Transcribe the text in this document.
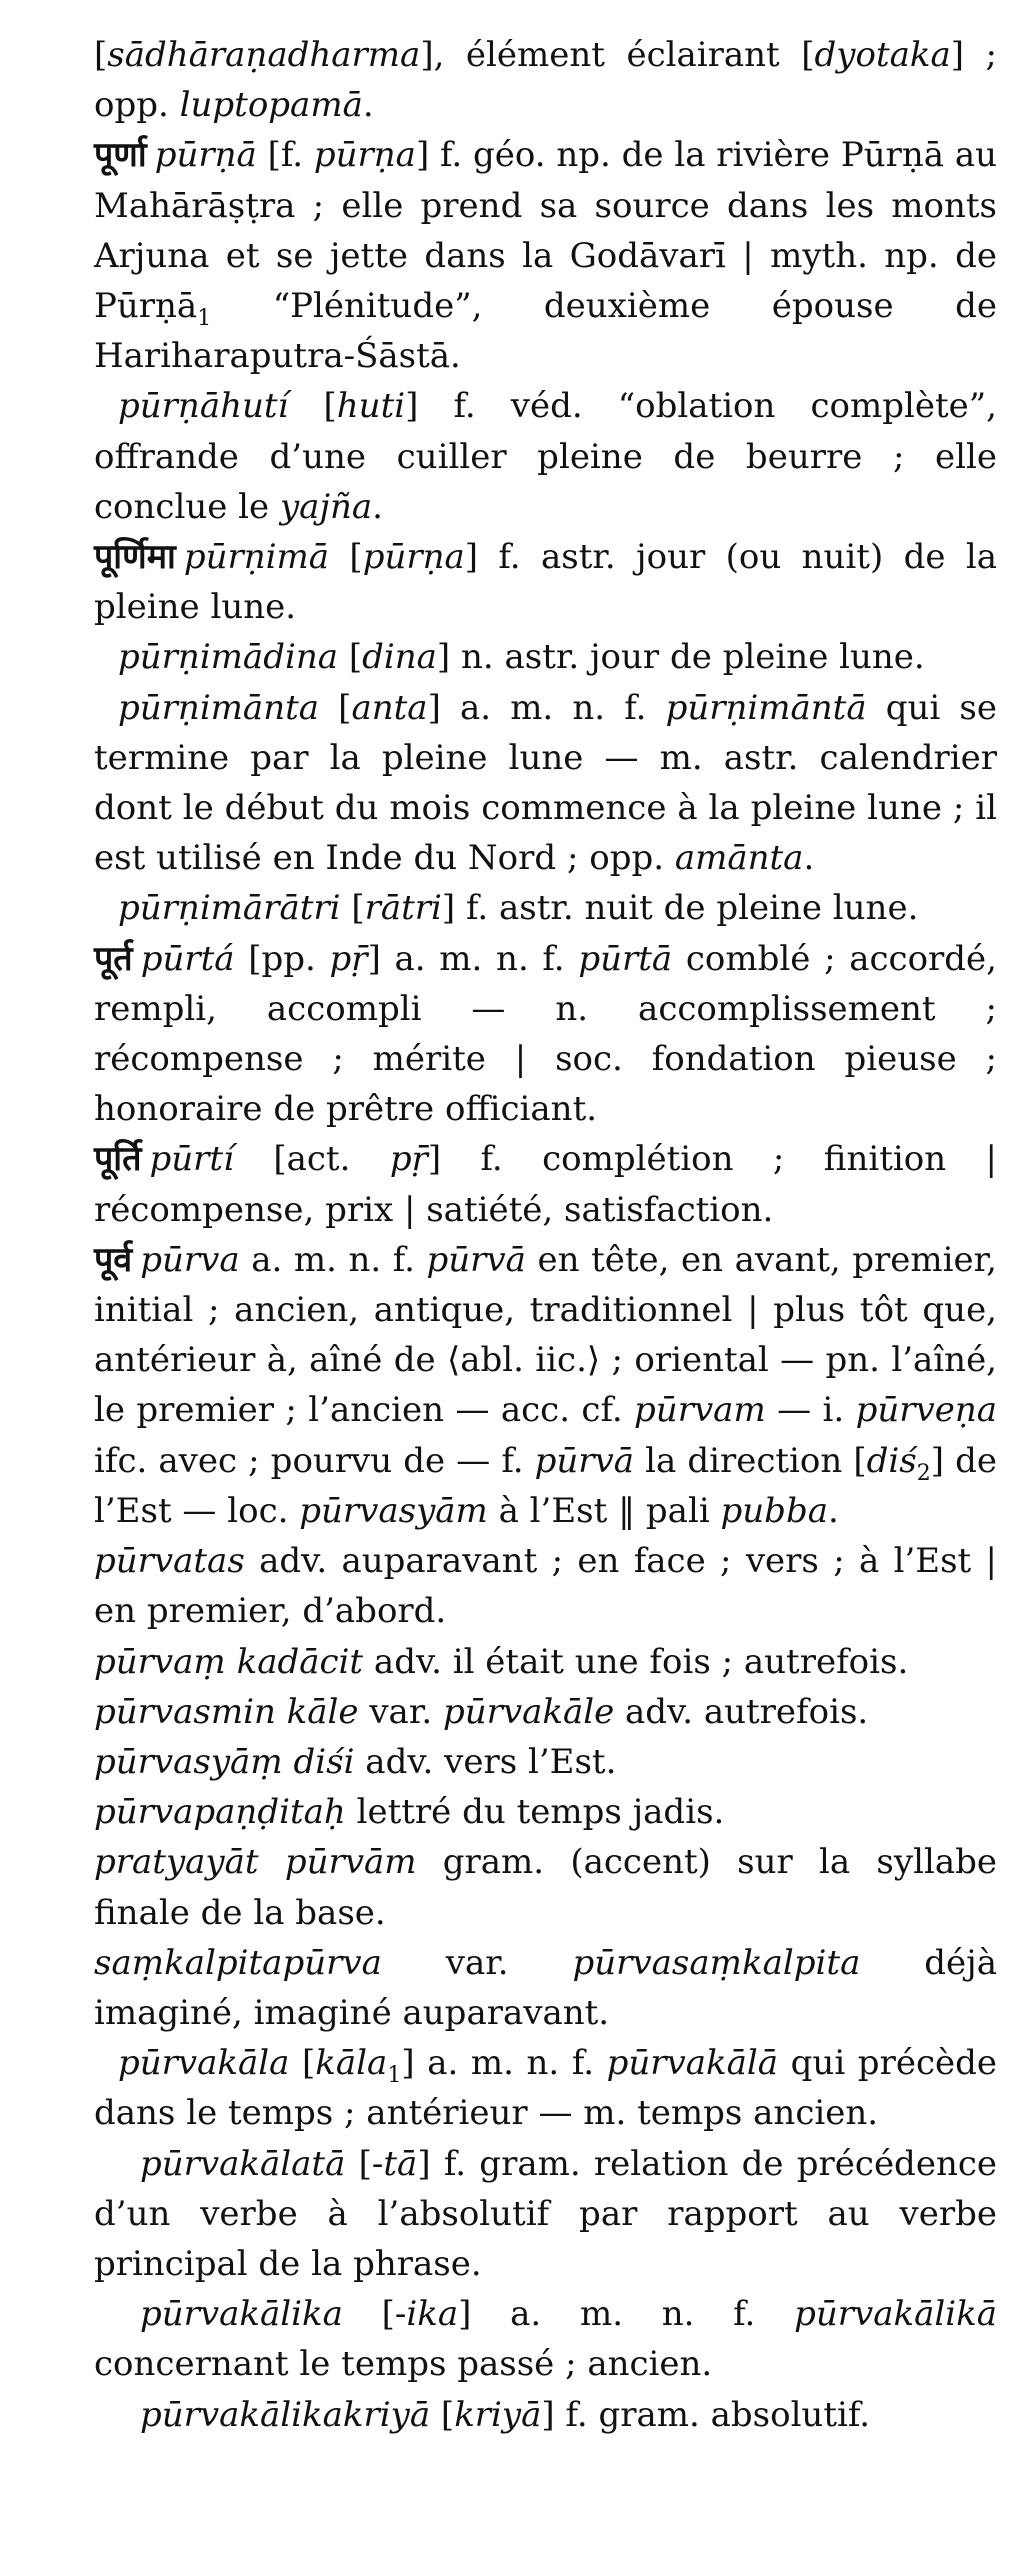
[sādhāraṇadharma], élément éclairant [dyotaka] ; opp. luptopamā.

पूर्णा pūrṇā [f. pūrṇa] f. géo. np. de la rivière Pūrṇā au Mahārāṣṭra ; elle prend sa source dans les monts Arjuna et se jette dans la Godāvarī | myth. np. de Pūrṇā$_1$ “Plénitude”, deuxième épouse de Hariharaputra-Śāstā.

pūrṇāhutí [huti] f. véd. “oblation complète”, offrande d’une cuiller pleine de beurre ; elle conclue le yajña.

पूर्णिमा pūrṇimā [pūrṇa] f. astr. jour (ou nuit) de la pleine lune.

pūrṇimādina [dina] n. astr. jour de pleine lune.

pūrṇimānta [anta] a. m. n. f. pūrṇimāntā qui se termine par la pleine lune — m. astr. calendrier dont le début du mois commence à la pleine lune ; il est utilisé en Inde du Nord ; opp. amānta.

pūrṇimārātri [rātri] f. astr. nuit de pleine lune.

पूर्त pūrtá [pp. pṝ] a. m. n. f. pūrtā comblé ; accordé, rempli, accompli — n. accomplissement ; récompense ; mérite | soc. fondation pieuse ; honoraire de prêtre officiant.

पूर्ति pūrtí [act. pṝ] f. complétion ; finition | récompense, prix | satiété, satisfaction.

पूर्व pūrva a. m. n. f. pūrvā en tête, en avant, premier, initial ; ancien, antique, traditionnel | plus tôt que, antérieur à, aîné de ⟨abl. iic.⟩ ; oriental — pn. l’aîné, le premier ; l’ancien — acc. cf. pūrvam — i. pūrveṇa ifc. avec ; pourvu de — f. pūrvā la direction [diś$_2$] de l’Est — loc. pūrvasyām à l’Est ‖ pali pubba.

pūrvatas adv. auparavant ; en face ; vers ; à l’Est | en premier, d’abord.

pūrvaṃ kadācit adv. il était une fois ; autrefois.

pūrvasmin kāle var. pūrvakāle adv. autrefois.

pūrvasyāṃ diśi adv. vers l’Est.

pūrvapaṇḍitaḥ lettré du temps jadis.

pratyayāt pūrvām gram. (accent) sur la syllabe finale de la base.

saṃkalpitapūrva var. pūrvasaṃkalpita déjà imaginé, imaginé auparavant.

pūrvakāla [kāla$_1$] a. m. n. f. pūrvakālā qui précède dans le temps ; antérieur — m. temps ancien.

pūrvakālatā [-tā] f. gram. relation de précédence d’un verbe à l’absolutif par rapport au verbe principal de la phrase.

pūrvakālika [-ika] a. m. n. f. pūrvakālikā concernant le temps passé ; ancien.

pūrvakālikakriyā [kriyā] f. gram. absolutif.
